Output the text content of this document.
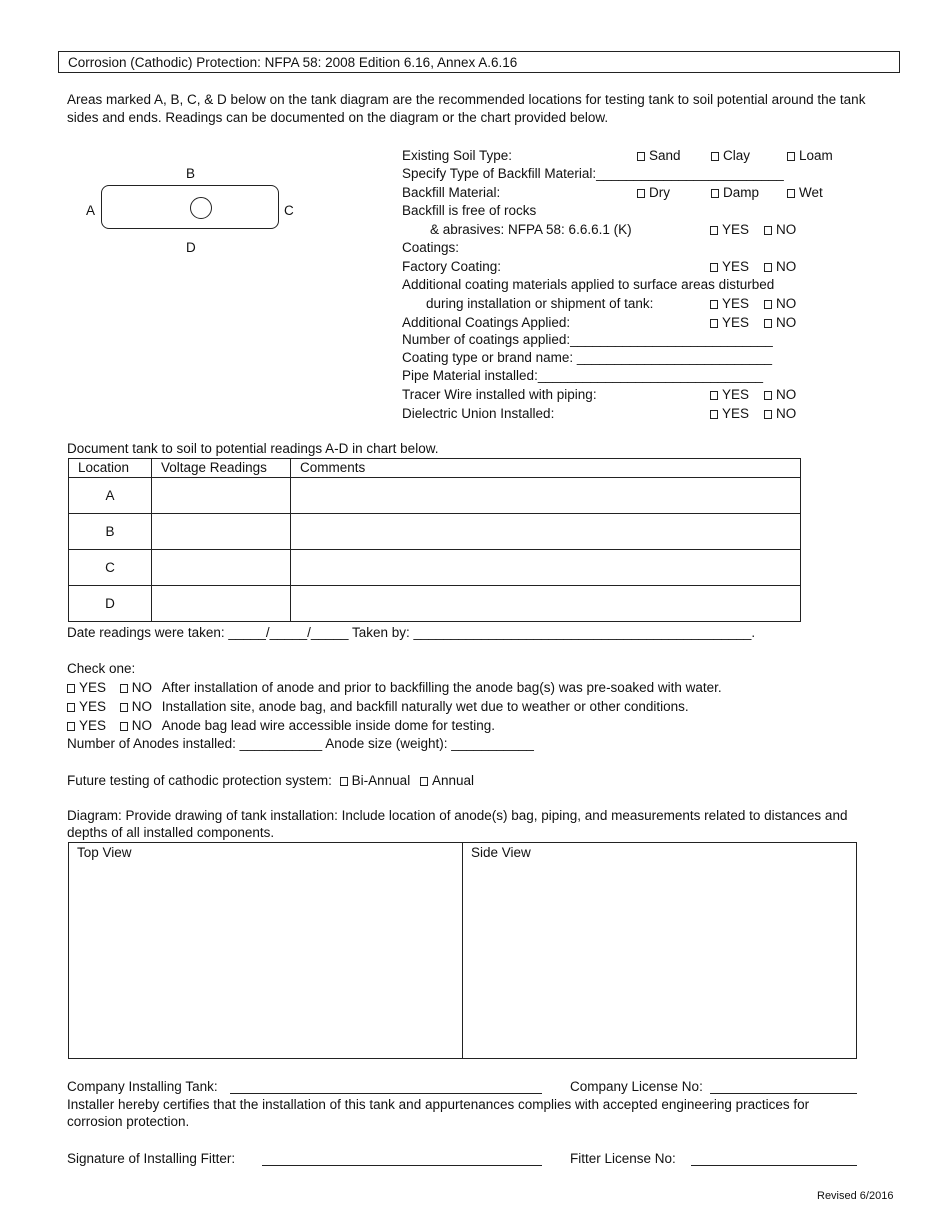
Corrosion (Cathodic) Protection: NFPA 58: 2008 Edition 6.16, Annex A.6.16
Areas marked A, B, C, & D below on the tank diagram are the recommended locations for testing tank to soil potential around the tank sides and ends. Readings can be documented on the diagram or the chart provided below.
B
A	C
D
Existing Soil Type:	Sand	Clay	Loam
Specify Type of Backfill Material:_________________________
Backfill Material:	Dry	Damp	Wet
Backfill is free of rocks
& abrasives: NFPA 58: 6.6.6.1 (K)	YES	NO
Coatings:
Factory Coating:	YES	NO
Additional coating materials applied to surface areas disturbed
during installation or shipment of tank:	YES	NO
Additional Coatings Applied:	YES	NO
Number of coatings applied:___________________________
Coating type or brand name: __________________________
Pipe Material installed:______________________________
Tracer Wire installed with piping:	YES	NO
Dielectric Union Installed:	YES	NO
Document tank to soil to potential readings A-D in chart below.
Location	Voltage Readings	Comments
A		
B		
C		
D		
Date readings were taken: _____/_____/_____ Taken by: _____________________________________________.
Check one:
YES NO After installation of anode and prior to backfilling the anode bag(s) was pre-soaked with water.
YES NO Installation site, anode bag, and backfill naturally wet due to weather or other conditions.
YES NO Anode bag lead wire accessible inside dome for testing.
Number of Anodes installed: ___________ Anode size (weight): ___________
Future testing of cathodic protection system: Bi-Annual Annual
Diagram: Provide drawing of tank installation: Include location of anode(s) bag, piping, and measurements related to distances and depths of all installed components.
Top View	Side View
Company Installing Tank:	Company License No:
Installer hereby certifies that the installation of this tank and appurtenances complies with accepted engineering practices for corrosion protection.
Signature of Installing Fitter:	Fitter License No:
Revised 6/2016
